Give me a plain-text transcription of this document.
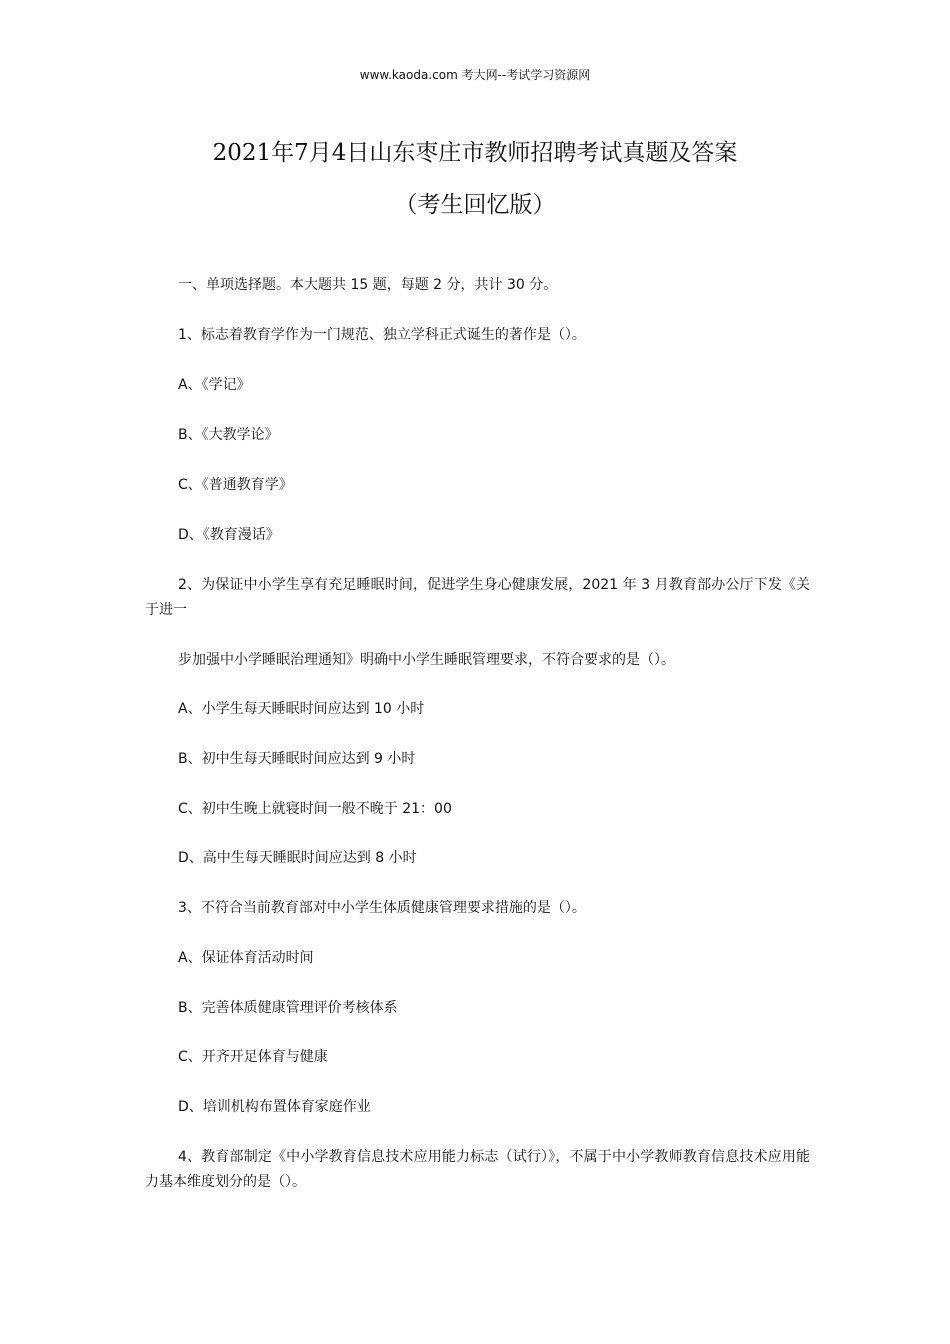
www.kaoda.com 考大网--考试学习资源网
2021年7月4日山东枣庄市教师招聘考试真题及答案
（考生回忆版）
一、单项选择题。本大题共 15 题，每题 2 分，共计 30 分。
1、标志着教育学作为一门规范、独立学科正式诞生的著作是（）。
A、《学记》
B、《大教学论》
C、《普通教育学》
D、《教育漫话》
2、为保证中小学生享有充足睡眠时间，促进学生身心健康发展，2021 年 3 月教育部办公厅下发《关于进一
步加强中小学睡眠治理通知》明确中小学生睡眠管理要求，不符合要求的是（）。
A、小学生每天睡眠时间应达到 10 小时
B、初中生每天睡眠时间应达到 9 小时
C、初中生晚上就寝时间一般不晚于 21：00
D、高中生每天睡眠时间应达到 8 小时
3、不符合当前教育部对中小学生体质健康管理要求措施的是（）。
A、保证体育活动时间
B、完善体质健康管理评价考核体系
C、开齐开足体育与健康
D、培训机构布置体育家庭作业
4、教育部制定《中小学教育信息技术应用能力标志（试行）》，不属于中小学教师教育信息技术应用能力基本维度划分的是（）。
